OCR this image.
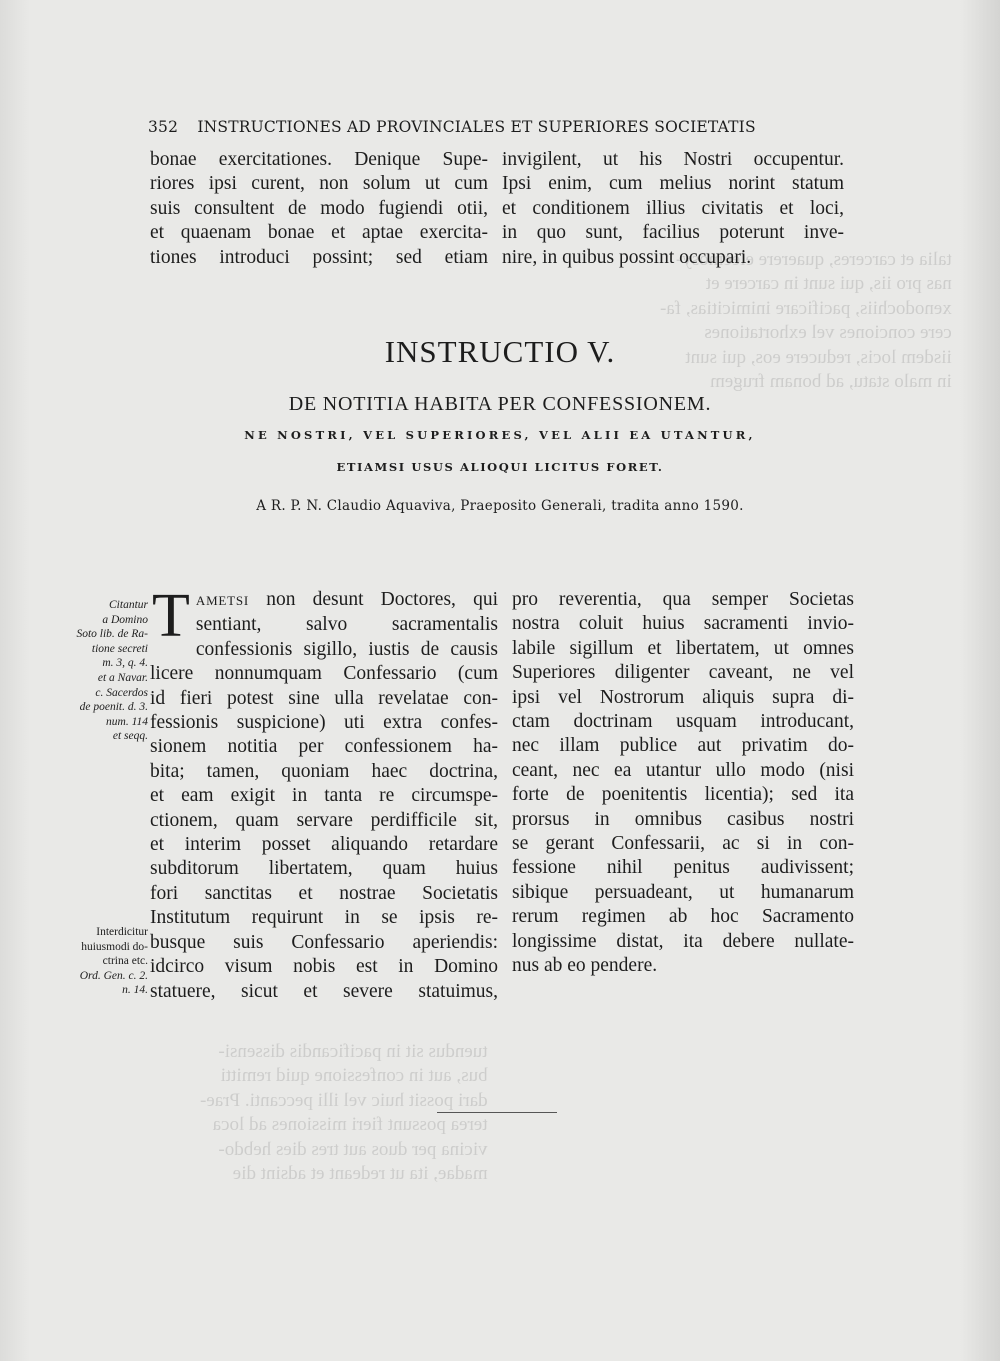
talia et carceres, quaerere eleemosy-
nas pro iis, qui sunt in carcere et
xenodochiis, pacificare inimicitias, fa-
cere conciones vel exhortationes
iisdem locis, reducere eos, qui sunt
in malo statu, ad bonam frugem
tuendus sit in pacificandis dissensi-
bus, aut in confessione quid remitti
dari possit huic vel illi peccanti. Prae-
terea possunt fieri missiones ad loca
vicina per duos aut tres dies hebdo-
madae, ita ut redeant et adsint die
352 INSTRUCTIONES AD PROVINCIALES ET SUPERIORES SOCIETATIS
bonae exercitationes. Denique Supe-
riores ipsi curent, non solum ut cum
suis consultent de modo fugiendi otii,
et quaenam bonae et aptae exercita-
tiones introduci possint; sed etiam
invigilent, ut his Nostri occupentur.
Ipsi enim, cum melius norint statum
et conditionem illius civitatis et loci,
in quo sunt, facilius poterunt inve-
nire, in quibus possint occupari.
INSTRUCTIO V.
DE NOTITIA HABITA PER CONFESSIONEM.
NE NOSTRI, VEL SUPERIORES, VEL ALII EA UTANTUR,
ETIAMSI USUS ALIOQUI LICITUS FORET.
A R. P. N. Claudio Aquaviva, Praeposito Generali, tradita anno 1590.
Citantur
a Domino
Soto lib. de Ra-
tione secreti
m. 3, q. 4.
et a Navar.
c. Sacerdos
de poenit. d. 3.
num. 114
et seqq.
Interdicitur
huiusmodi do-
ctrina etc.
Ord. Gen. c. 2.
n. 14.
T AMETSI non desunt Doctores, qui
sentiant, salvo sacramentalis
confessionis sigillo, iustis de causis
licere nonnumquam Confessario (cum
id fieri potest sine ulla revelatae con-
fessionis suspicione) uti extra confes-
sionem notitia per confessionem ha-
bita; tamen, quoniam haec doctrina,
et eam exigit in tanta re circumspe-
ctionem, quam servare perdifficile sit,
et interim posset aliquando retardare
subditorum libertatem, quam huius
fori sanctitas et nostrae Societatis
Institutum requirunt in se ipsis re-
busque suis Confessario aperiendis:
idcirco visum nobis est in Domino
statuere, sicut et severe statuimus,
pro reverentia, qua semper Societas
nostra coluit huius sacramenti invio-
labile sigillum et libertatem, ut omnes
Superiores diligenter caveant, ne vel
ipsi vel Nostrorum aliquis supra di-
ctam doctrinam usquam introducant,
nec illam publice aut privatim do-
ceant, nec ea utantur ullo modo (nisi
forte de poenitentis licentia); sed ita
prorsus in omnibus casibus nostri
se gerant Confessarii, ac si in con-
fessione nihil penitus audivissent;
sibique persuadeant, ut humanarum
rerum regimen ab hoc Sacramento
longissime distat, ita debere nullate-
nus ab eo pendere.
